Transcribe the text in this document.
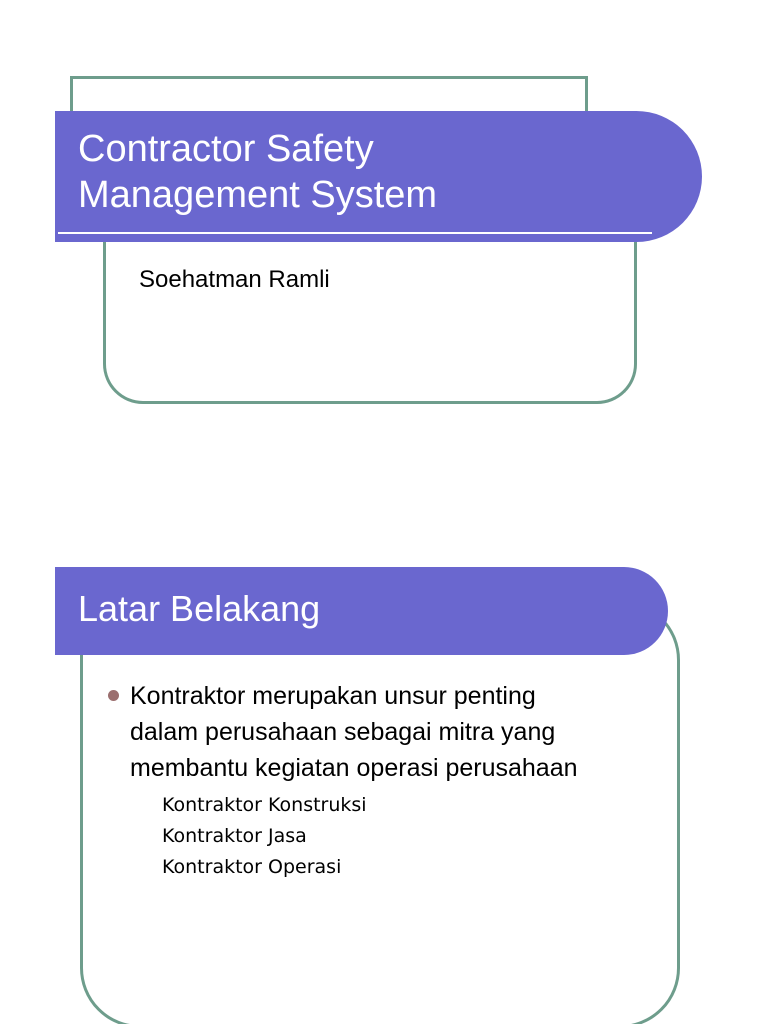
Contractor Safety
Management System

Soehatman Ramli

Latar Belakang

Kontraktor merupakan unsur penting
dalam perusahaan sebagai mitra yang
membantu kegiatan operasi perusahaan
Kontraktor Konstruksi
Kontraktor Jasa
Kontraktor Operasi
